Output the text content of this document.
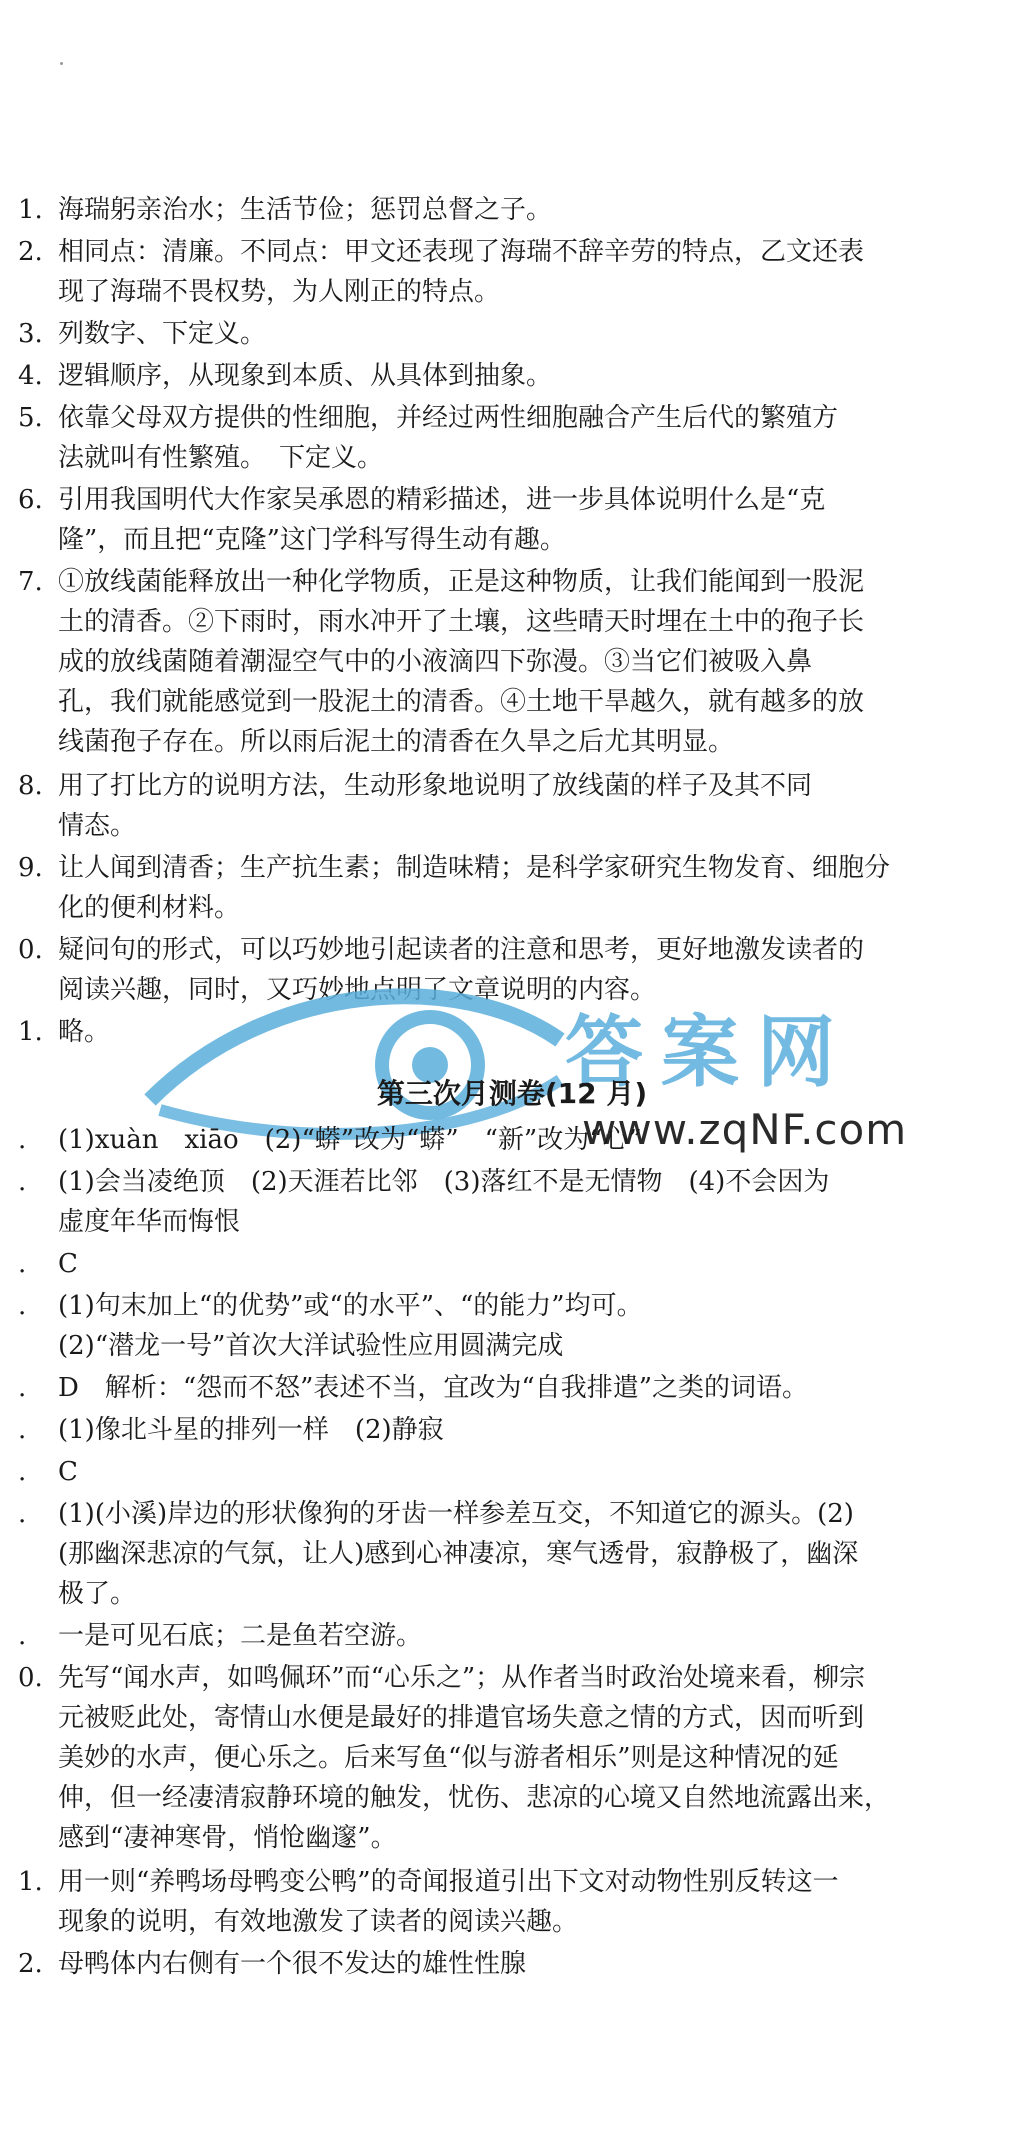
1. 海瑞躬亲治水；生活节俭；惩罚总督之子。
2. 相同点：清廉。不同点：甲文还表现了海瑞不辞辛劳的特点，乙文还表
现了海瑞不畏权势，为人刚正的特点。
3. 列数字、下定义。
4. 逻辑顺序，从现象到本质、从具体到抽象。
5. 依靠父母双方提供的性细胞，并经过两性细胞融合产生后代的繁殖方
法就叫有性繁殖。　下定义。
6. 引用我国明代大作家吴承恩的精彩描述，进一步具体说明什么是“克
隆”，而且把“克隆”这门学科写得生动有趣。
7. ①放线菌能释放出一种化学物质，正是这种物质，让我们能闻到一股泥
土的清香。②下雨时，雨水冲开了土壤，这些晴天时埋在土中的孢子长
成的放线菌随着潮湿空气中的小液滴四下弥漫。③当它们被吸入鼻
孔，我们就能感觉到一股泥土的清香。④土地干旱越久，就有越多的放
线菌孢子存在。所以雨后泥土的清香在久旱之后尤其明显。
8. 用了打比方的说明方法，生动形象地说明了放线菌的样子及其不同
情态。
9. 让人闻到清香；生产抗生素；制造味精；是科学家研究生物发育、细胞分
化的便利材料。
0. 疑问句的形式，可以巧妙地引起读者的注意和思考，更好地激发读者的
阅读兴趣，同时，又巧妙地点明了文章说明的内容。
1. 略。	答案网
www.zqNF.com
第三次月测卷(12 月)
.	(1)xuàn　xiāo　(2)“蟒”改为“蟒”　“新”改为“心”
.	(1)会当凌绝顶　(2)天涯若比邻　(3)落红不是无情物　(4)不会因为
虚度年华而悔恨
.	C
.	(1)句末加上“的优势”或“的水平”、“的能力”均可。
(2)“潜龙一号”首次大洋试验性应用圆满完成
.	D　解析：“怨而不怒”表述不当，宜改为“自我排遣”之类的词语。
.	(1)像北斗星的排列一样　(2)静寂
.	C
.	(1)(小溪)岸边的形状像狗的牙齿一样参差互交，不知道它的源头。(2)
(那幽深悲凉的气氛，让人)感到心神凄凉，寒气透骨，寂静极了，幽深
极了。
.	一是可见石底；二是鱼若空游。
0. 先写“闻水声，如鸣佩环”而“心乐之”；从作者当时政治处境来看，柳宗
元被贬此处，寄情山水便是最好的排遣官场失意之情的方式，因而听到
美妙的水声，便心乐之。后来写鱼“似与游者相乐”则是这种情况的延
伸，但一经凄清寂静环境的触发，忧伤、悲凉的心境又自然地流露出来，
感到“凄神寒骨，悄怆幽邃”。
1. 用一则“养鸭场母鸭变公鸭”的奇闻报道引出下文对动物性别反转这一
现象的说明，有效地激发了读者的阅读兴趣。
2. 母鸭体内右侧有一个很不发达的雄性性腺
